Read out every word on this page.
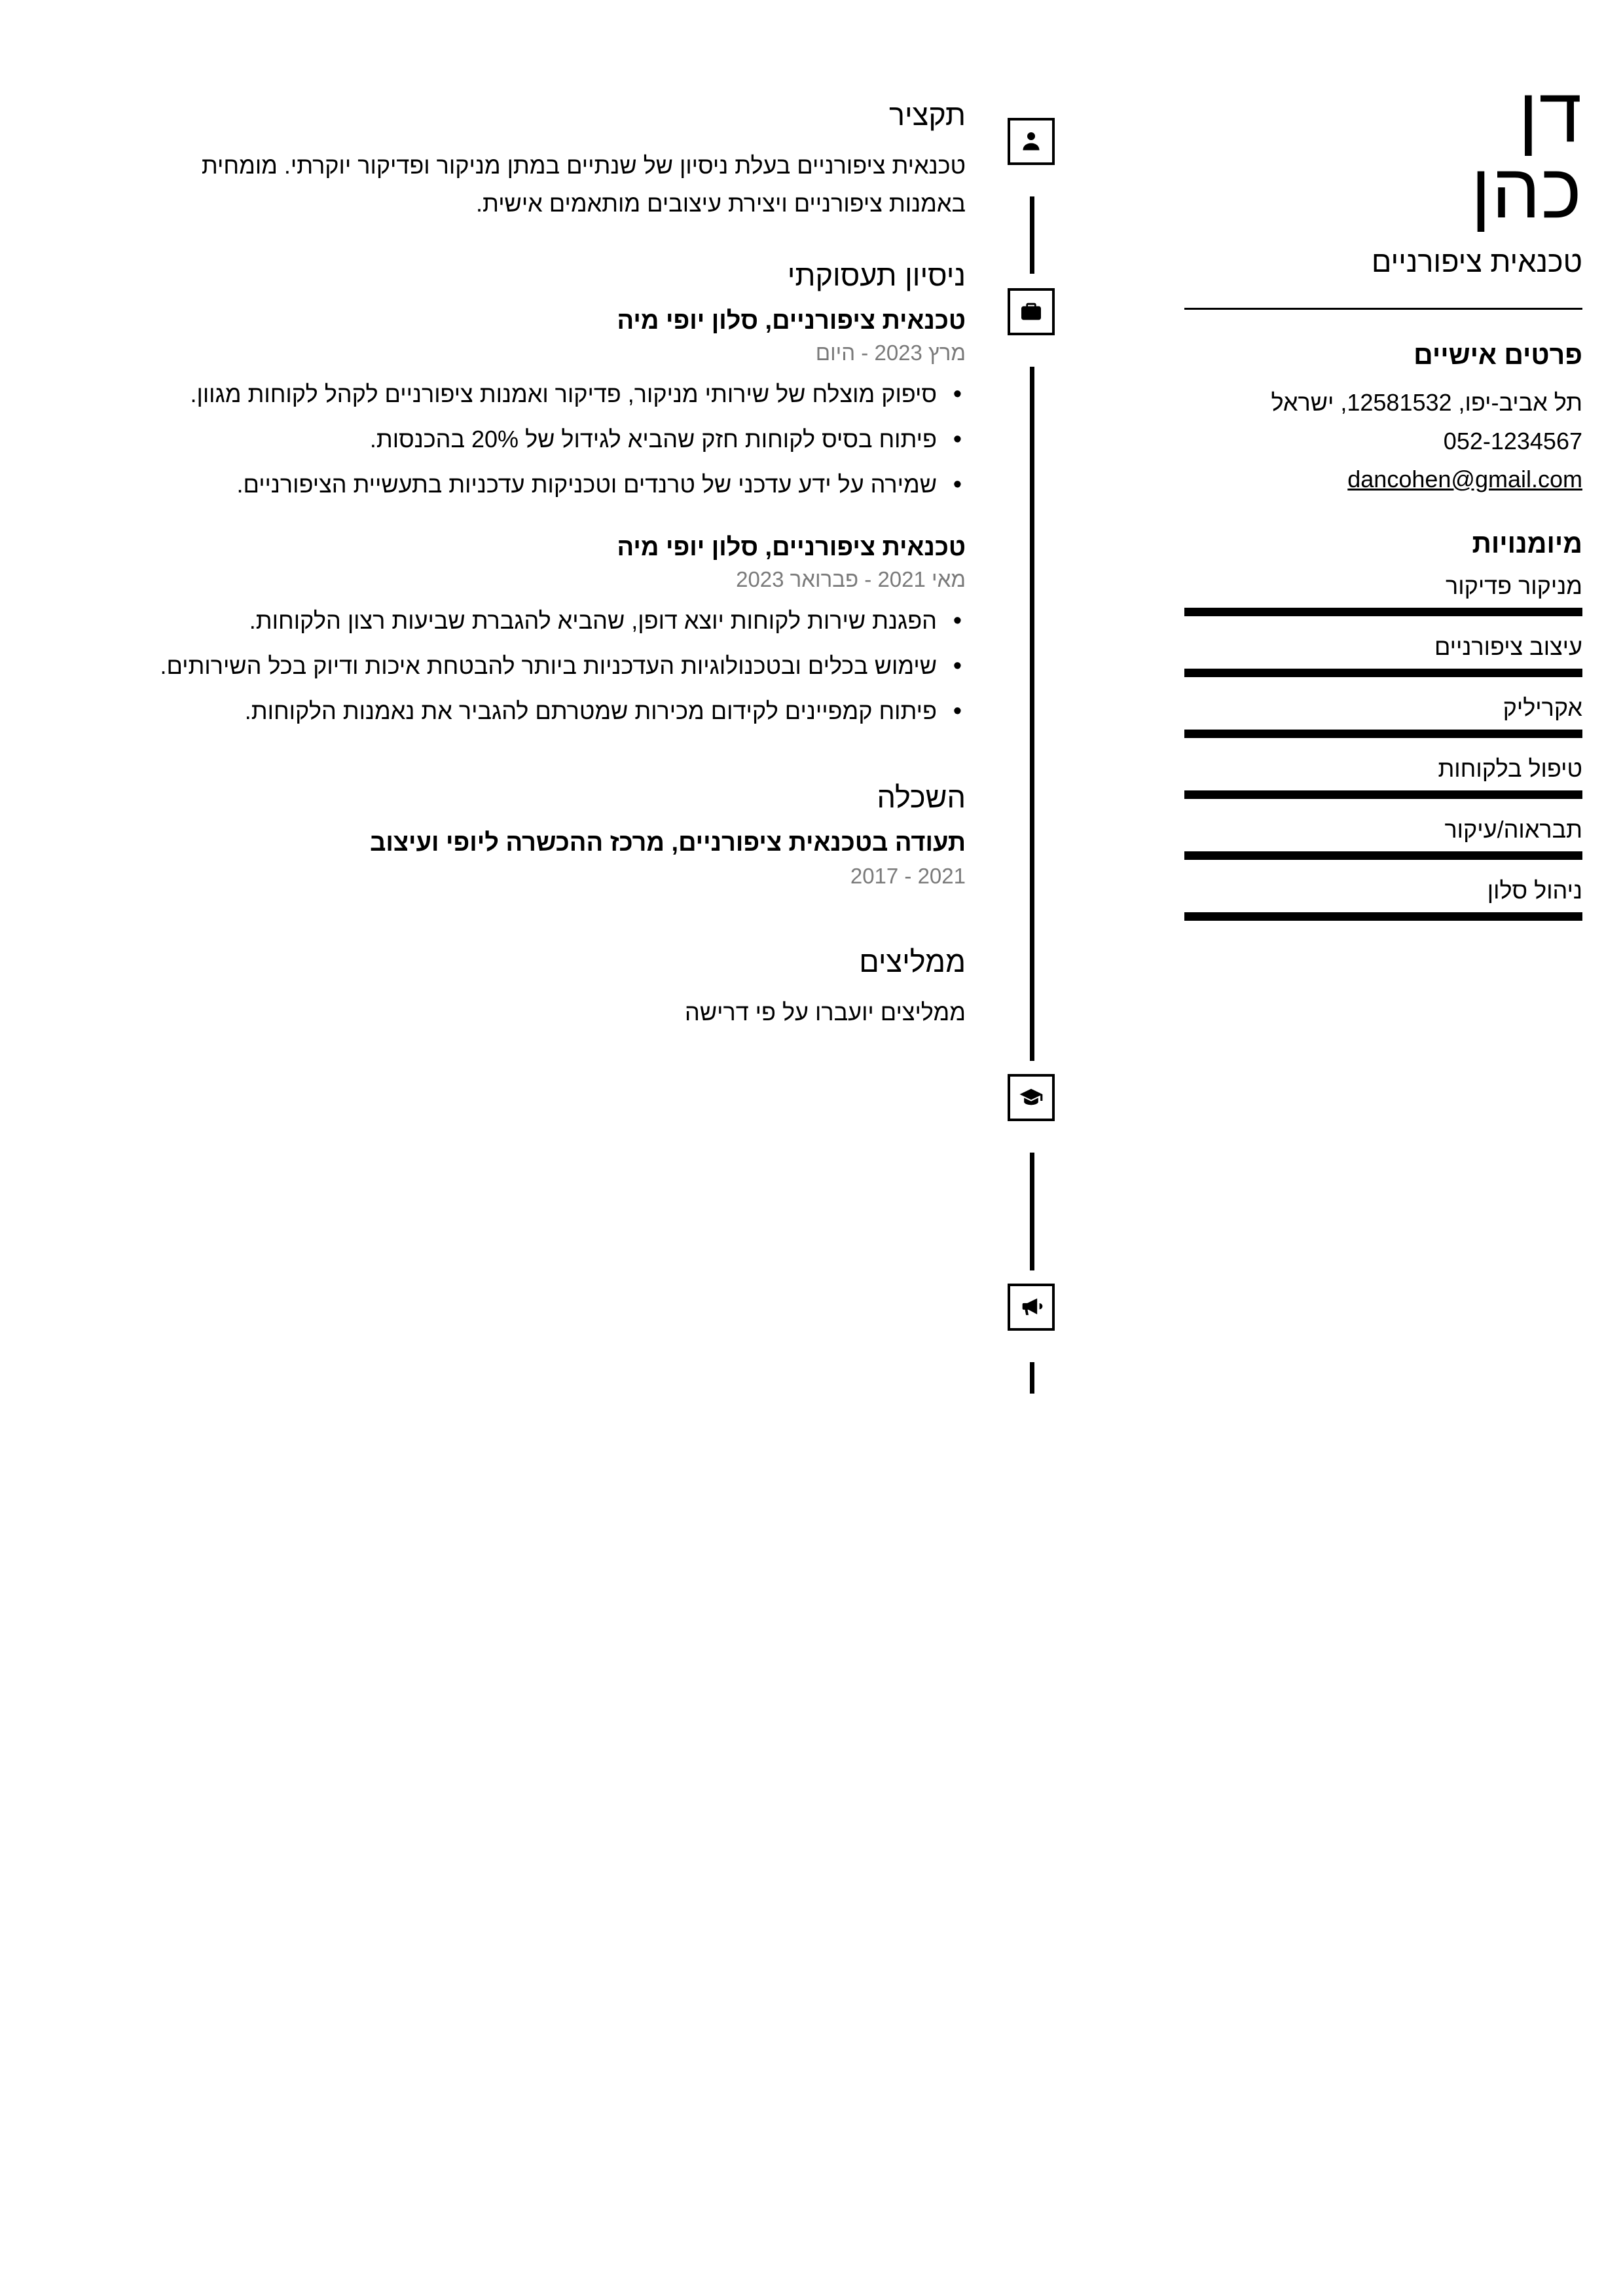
דן
כהן
טכנאית ציפורניים
פרטים אישיים
תל אביב-יפו, 12581532, ישראל
052-1234567
dancohen@gmail.com
מיומנויות
מניקור פדיקור
עיצוב ציפורניים
אקריליק
טיפול בלקוחות
תבראוה/עיקור
ניהול סלון
תקציר
טכנאית ציפורניים בעלת ניסיון של שנתיים במתן מניקור ופדיקור יוקרתי. מומחית באמנות ציפורניים ויצירת עיצובים מותאמים אישית.
ניסיון תעסוקתי
טכנאית ציפורניים, סלון יופי מיה
מרץ 2023 - היום
• סיפוק מוצלח של שירותי מניקור, פדיקור ואמנות ציפורניים לקהל לקוחות מגוון.
• פיתוח בסיס לקוחות חזק שהביא לגידול של 20% בהכנסות.
• שמירה על ידע עדכני של טרנדים וטכניקות עדכניות בתעשיית הציפורניים.
טכנאית ציפורניים, סלון יופי מיה
מאי 2021 - פברואר 2023
• הפגנת שירות לקוחות יוצא דופן, שהביא להגברת שביעות רצון הלקוחות.
• שימוש בכלים ובטכנולוגיות העדכניות ביותר להבטחת איכות ודיוק בכל השירותים.
• פיתוח קמפיינים לקידום מכירות שמטרתם להגביר את נאמנות הלקוחות.
השכלה
תעודה בטכנאית ציפורניים, מרכז ההכשרה ליופי ועיצוב
2017 - 2021
ממליצים
ממליצים יועברו על פי דרישה
